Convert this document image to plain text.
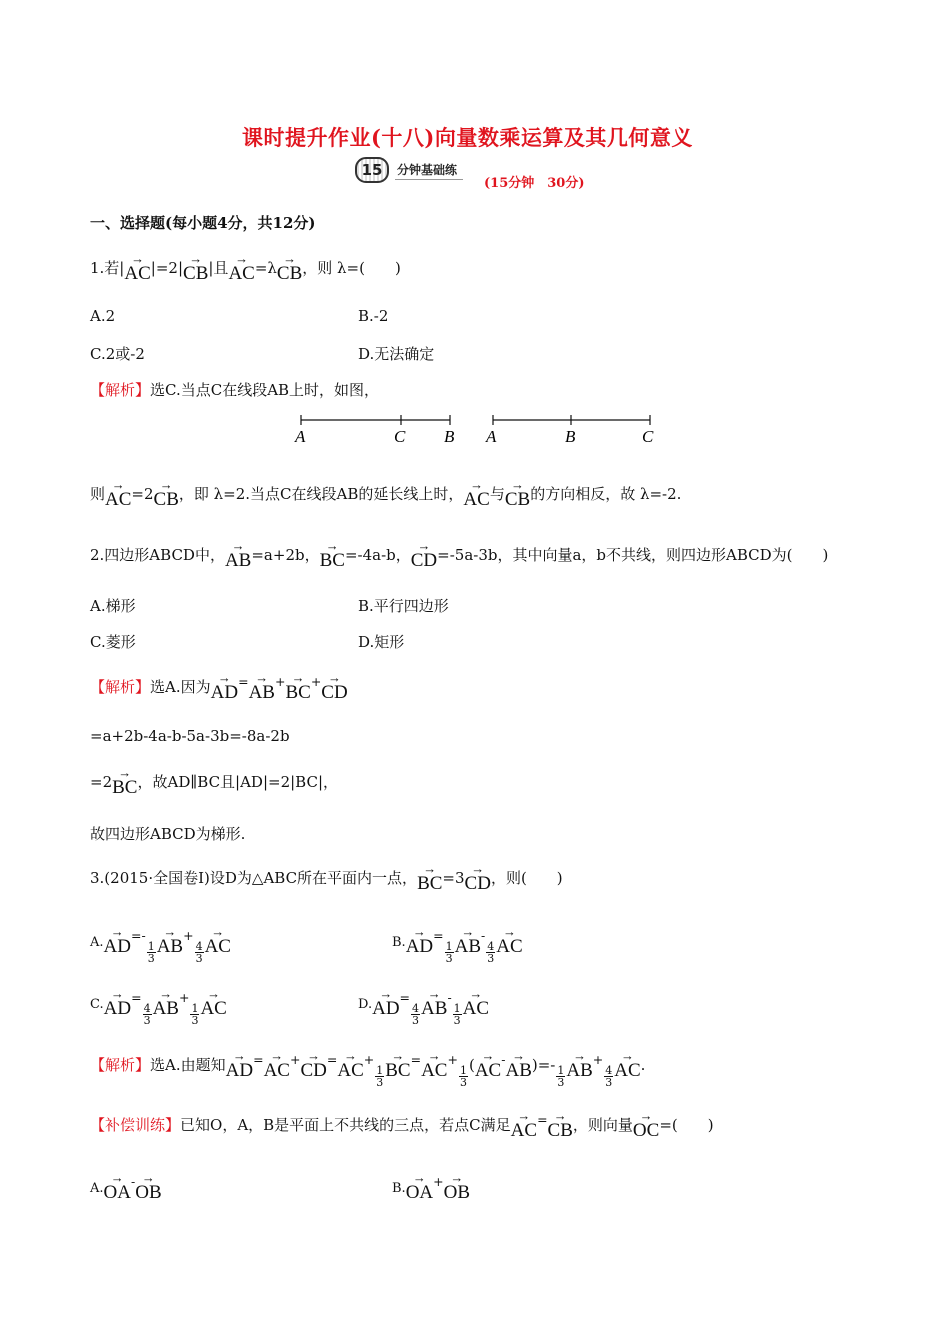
课时提升作业(十八)向量数乘运算及其几何意义
15	分钟基础练
(15分钟　30分)
一、选择题(每小题4分，共12分)
1.若|→ AC|=2|→ CB|且→ AC=λ→ CB，则 λ=(　　)
A.2	B.-2
C.2或-2	D.无法确定
【解析】选C.当点C在线段AB上时，如图，
A	C B A	B	C
则→ AC=2→ CB，即 λ=2.当点C在线段AB的延长线上时，→ AC与→ CB的方向相反，故 λ=-2.
2.四边形ABCD中，→ AB=a+2b，→ BC=-4a-b，→ CD=-5a-3b，其中向量a，b不共线，则四边形ABCD为(　　)
A.梯形	B.平行四边形
C.菱形	D.矩形
【解析】选A.因为→ AD=→ AB+→ BC+→ CD
=a+2b-4a-b-5a-3b=-8a-2b
=2→ BC，故AD∥BC且|AD|=2|BC|，
故四边形ABCD为梯形.
3.(2015·全国卷Ⅰ)设D为△ABC所在平面内一点，→ BC=3→ CD，则(　　)
A.→ AD=-
$\frac{1}{3}$
→ AB+
$\frac{4}{3}$
→ AC	B.→ AD=
$\frac{1}{3}$
→ AB-
$\frac{4}{3}$
→ AC
C.→ AD=
$\frac{4}{3}$
→ AB+
$\frac{1}{3}$
→ AC	D.→ AD=
$\frac{4}{3}$
→ AB-
$\frac{1}{3}$
→ AC
【解析】选A.由题知→ AD=→ AC+→ CD=→ AC+
$\frac{1}{3}$
→ BC=→ AC+
$\frac{1}{3}$ (→ $AC^-\to AB)=- \frac{1}{3}$
→ AB+
$\frac{4}{3}$
→ AC.
【补偿训练】已知O，A，B是平面上不共线的三点，若点C满足→ AC=→ CB，则向量→ OC=(　　)
A.→ OA-→ OB	B.→ OA+→ OB
